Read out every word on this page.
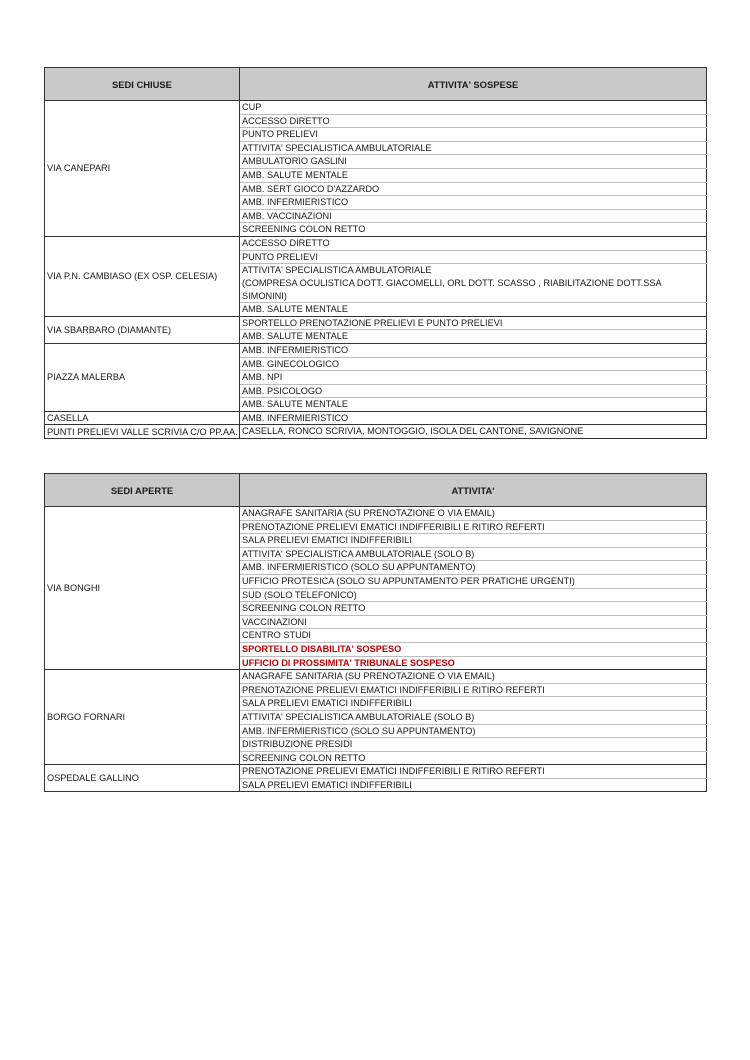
SEDI CHIUSE	ATTIVITA' SOSPESE
VIA CANEPARI	CUP
	ACCESSO DIRETTO
	PUNTO PRELIEVI
	ATTIVITA' SPECIALISTICA AMBULATORIALE
	AMBULATORIO GASLINI
	AMB. SALUTE MENTALE
	AMB. SERT GIOCO D'AZZARDO
	AMB. INFERMIERISTICO
	AMB. VACCINAZIONI
	SCREENING COLON RETTO
VIA P.N. CAMBIASO (EX OSP. CELESIA)	ACCESSO DIRETTO
	PUNTO PRELIEVI

	ATTIVITA' SPECIALISTICA AMBULATORIALE
(COMPRESA OCULISTICA DOTT. GIACOMELLI, ORL DOTT. SCASSO , RIABILITAZIONE DOTT.SSA SIMONINI)

	AMB. SALUTE MENTALE
VIA SBARBARO (DIAMANTE)	SPORTELLO PRENOTAZIONE PRELIEVI E PUNTO PRELIEVI
	AMB. SALUTE MENTALE
PIAZZA MALERBA	AMB. INFERMIERISTICO
	AMB. GINECOLOGICO
	AMB. NPI
	AMB. PSICOLOGO
	AMB. SALUTE MENTALE
CASELLA	AMB. INFERMIERISTICO
PUNTI PRELIEVI VALLE SCRIVIA C/O PP.AA.	CASELLA, RONCO SCRIVIA, MONTOGGIO, ISOLA DEL CANTONE, SAVIGNONE
SEDI APERTE	ATTIVITA'
VIA BONGHI	ANAGRAFE SANITARIA (SU PRENOTAZIONE O VIA EMAIL)
	PRENOTAZIONE PRELIEVI EMATICI INDIFFERIBILI E RITIRO REFERTI
	SALA PRELIEVI EMATICI INDIFFERIBILI
	ATTIVITA' SPECIALISTICA AMBULATORIALE (SOLO B)
	AMB. INFERMIERISTICO (SOLO SU APPUNTAMENTO)
	UFFICIO PROTESICA (SOLO SU APPUNTAMENTO PER PRATICHE URGENTI)
	SUD (SOLO TELEFONICO)
	SCREENING COLON RETTO
	VACCINAZIONI
	CENTRO STUDI
	SPORTELLO DISABILITA' SOSPESO
	UFFICIO DI PROSSIMITA' TRIBUNALE SOSPESO
BORGO FORNARI	ANAGRAFE SANITARIA (SU PRENOTAZIONE O VIA EMAIL)
	PRENOTAZIONE PRELIEVI EMATICI INDIFFERIBILI E RITIRO REFERTI
	SALA PRELIEVI EMATICI INDIFFERIBILI
	ATTIVITA' SPECIALISTICA AMBULATORIALE (SOLO B)
	AMB. INFERMIERISTICO (SOLO SU APPUNTAMENTO)
	DISTRIBUZIONE PRESIDI
	SCREENING COLON RETTO
OSPEDALE GALLINO	PRENOTAZIONE PRELIEVI EMATICI INDIFFERIBILI E RITIRO REFERTI
	SALA PRELIEVI EMATICI INDIFFERIBILI
